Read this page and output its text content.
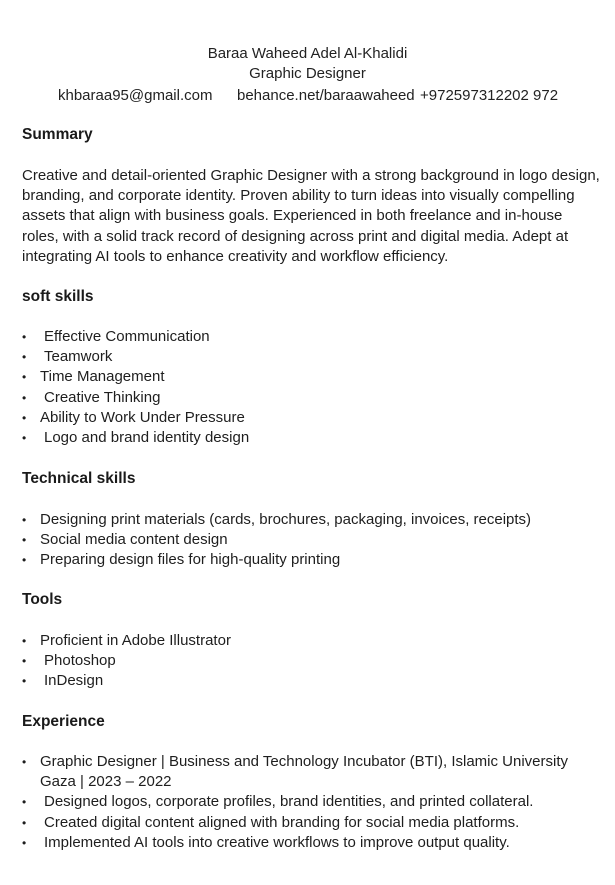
Baraa Waheed Adel Al-Khalidi
Graphic Designer
khbaraa95@gmail.com behance.net/baraawaheed +972597312202 972
Summary
Creative and detail-oriented Graphic Designer with a strong background in logo design, branding, and corporate identity. Proven ability to turn ideas into visually compelling assets that align with business goals. Experienced in both freelance and in-house roles, with a solid track record of designing across print and digital media. Adept at integrating AI tools to enhance creativity and workflow efficiency.
soft skills
• Effective Communication
• Teamwork
• Time Management
• Creative Thinking
• Ability to Work Under Pressure
• Logo and brand identity design
Technical skills
• Designing print materials (cards, brochures, packaging, invoices, receipts)
• Social media content design
• Preparing design files for high-quality printing
Tools
• Proficient in Adobe Illustrator
• Photoshop
• InDesign
Experience
• Graphic Designer | Business and Technology Incubator (BTI), Islamic University Gaza | 2023 – 2022
• Designed logos, corporate profiles, brand identities, and printed collateral.
• Created digital content aligned with branding for social media platforms.
• Implemented AI tools into creative workflows to improve output quality.
